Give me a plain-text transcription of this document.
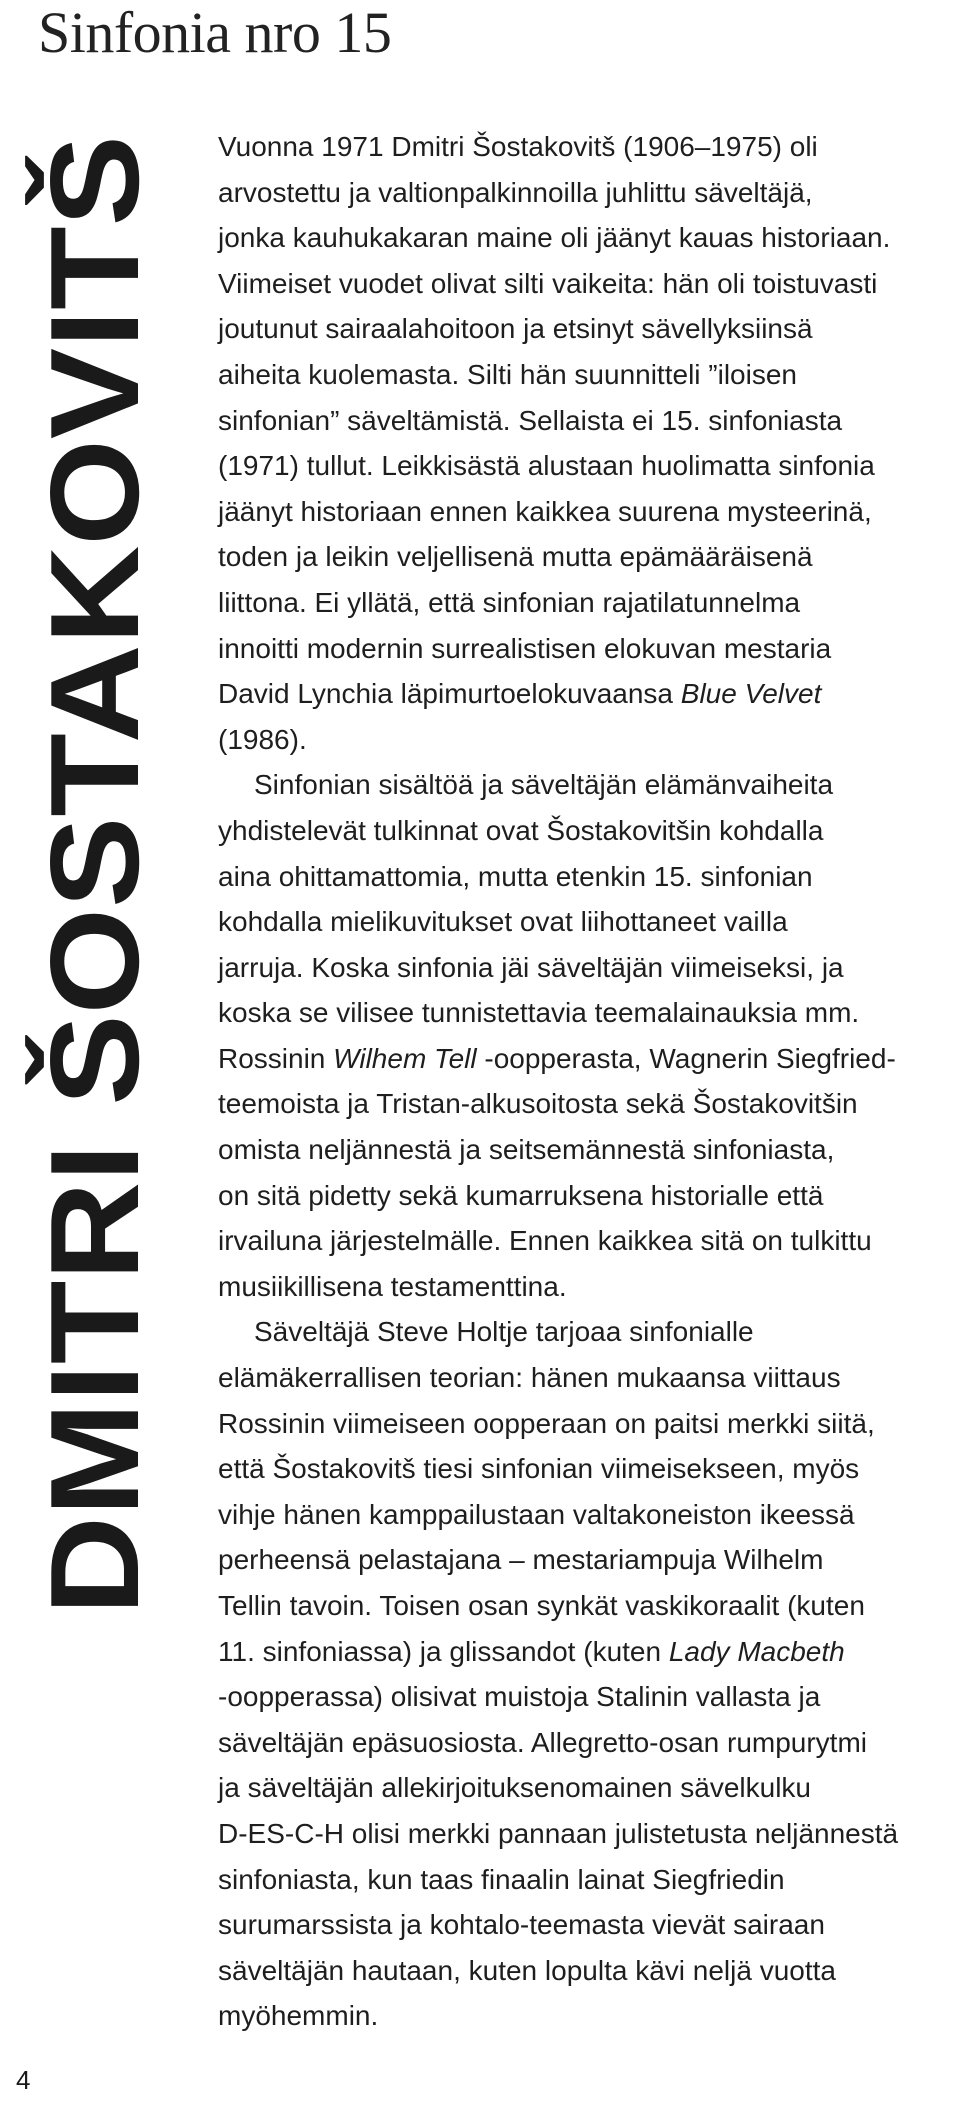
Sinfonia nro 15
DMITRI ŠOSTAKOVITŠ
Vuonna 1971 Dmitri Šostakovitš (1906–1975) oli
arvostettu ja valtionpalkinnoilla juhlittu säveltäjä,
jonka kauhukakaran maine oli jäänyt kauas historiaan.
Viimeiset vuodet olivat silti vaikeita: hän oli toistuvasti
joutunut sairaalahoitoon ja etsinyt sävellyksiinsä
aiheita kuolemasta. Silti hän suunnitteli ”iloisen
sinfonian” säveltämistä. Sellaista ei 15. sinfoniasta
(1971) tullut. Leikkisästä alustaan huolimatta sinfonia
jäänyt historiaan ennen kaikkea suurena mysteerinä,
toden ja leikin veljellisenä mutta epämääräisenä
liittona. Ei yllätä, että sinfonian rajatilatunnelma
innoitti modernin surrealistisen elokuvan mestaria
David Lynchia läpimurtoelokuvaansa Blue Velvet
(1986).
Sinfonian sisältöä ja säveltäjän elämänvaiheita
yhdistelevät tulkinnat ovat Šostakovitšin kohdalla
aina ohittamattomia, mutta etenkin 15. sinfonian
kohdalla mielikuvitukset ovat liihottaneet vailla
jarruja. Koska sinfonia jäi säveltäjän viimeiseksi, ja
koska se vilisee tunnistettavia teemalainauksia mm.
Rossinin Wilhem Tell -oopperasta, Wagnerin Siegfried-
teemoista ja Tristan-alkusoitosta sekä Šostakovitšin
omista neljännestä ja seitsemännestä sinfoniasta,
on sitä pidetty sekä kumarruksena historialle että
irvailuna järjestelmälle. Ennen kaikkea sitä on tulkittu
musiikillisena testamenttina.
Säveltäjä Steve Holtje tarjoaa sinfonialle
elämäkerrallisen teorian: hänen mukaansa viittaus
Rossinin viimeiseen oopperaan on paitsi merkki siitä,
että Šostakovitš tiesi sinfonian viimeisekseen, myös
vihje hänen kamppailustaan valtakoneiston ikeessä
perheensä pelastajana – mestariampuja Wilhelm
Tellin tavoin. Toisen osan synkät vaskikoraalit (kuten
11. sinfoniassa) ja glissandot (kuten Lady Macbeth
-oopperassa) olisivat muistoja Stalinin vallasta ja
säveltäjän epäsuosiosta. Allegretto-osan rumpurytmi
ja säveltäjän allekirjoituksenomainen sävelkulku
D-ES-C-H olisi merkki pannaan julistetusta neljännestä
sinfoniasta, kun taas finaalin lainat Siegfriedin
surumarssista ja kohtalo-teemasta vievät sairaan
säveltäjän hautaan, kuten lopulta kävi neljä vuotta
myöhemmin.
4
